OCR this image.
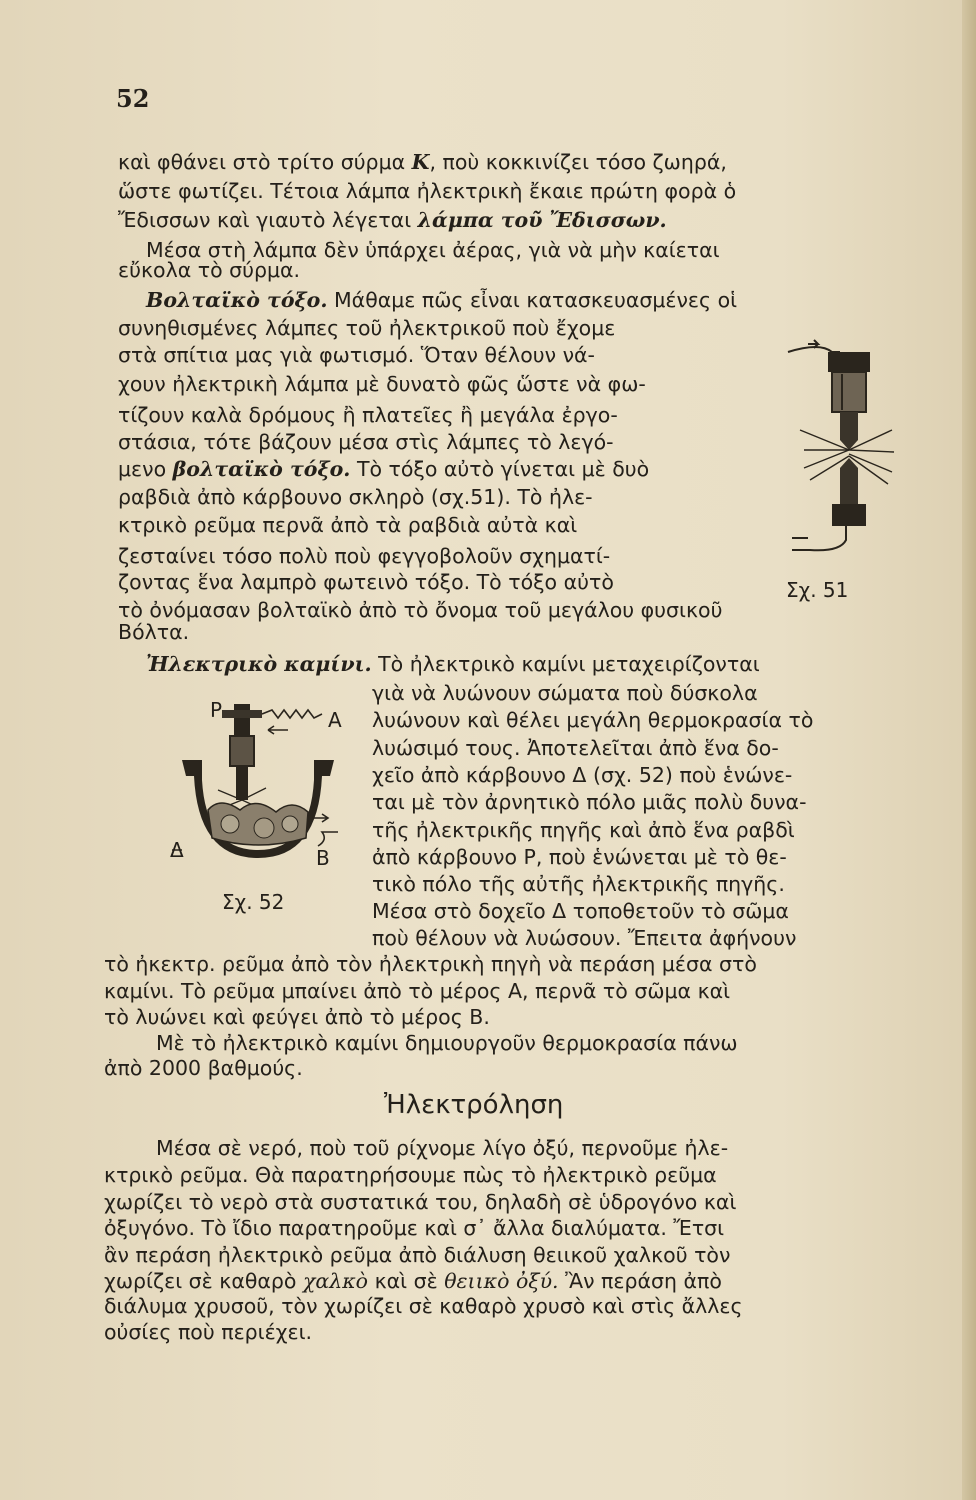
52
καὶ φθάνει στὸ τρίτο σύρμα Κ, ποὺ κοκκινίζει τόσο ζωηρά,
ὥστε φωτίζει. Τέτοια λάμπα ἠλεκτρικὴ ἔκαιε πρώτη φορὰ ὁ
Ἔδισσων καὶ γιαυτὸ λέγεται λάμπα τοῦ Ἔδισσων.
Μέσα στὴ λάμπα δὲν ὑπάρχει ἀέρας, γιὰ νὰ μὴν καίεται
εὔκολα τὸ σύρμα.
Βολταϊκὸ τόξο. Μάθαμε πῶς εἶναι κατασκευασμένες οἱ
συνηθισμένες λάμπες τοῦ ἠλεκτρικοῦ ποὺ ἔχομε
στὰ σπίτια μας γιὰ φωτισμό. Ὅταν θέλουν νά-
χουν ἠλεκτρικὴ λάμπα μὲ δυνατὸ φῶς ὥστε νὰ φω-
τίζουν καλὰ δρόμους ἢ πλατεῖες ἢ μεγάλα ἐργο-
στάσια, τότε βάζουν μέσα στὶς λάμπες τὸ λεγό-
μενο βολταϊκὸ τόξο. Τὸ τόξο αὐτὸ γίνεται μὲ δυὸ
ραβδιὰ ἀπὸ κάρβουνο σκληρὸ (σχ.51). Τὸ ἠλε-
κτρικὸ ρεῦμα περνᾶ ἀπὸ τὰ ραβδιὰ αὐτὰ καὶ
ζεσταίνει τόσο πολὺ ποὺ φεγγοβολοῦν σχηματί-
ζοντας ἕνα λαμπρὸ φωτεινὸ τόξο. Τὸ τόξο αὐτὸ
τὸ ὀνόμασαν βολταϊκὸ ἀπὸ τὸ ὄνομα τοῦ μεγάλου φυσικοῦ
Βόλτα.
Ἠλεκτρικὸ καμίνι. Τὸ ἠλεκτρικὸ καμίνι μεταχειρίζονται
γιὰ νὰ λυώνουν σώματα ποὺ δύσκολα
λυώνουν καὶ θέλει μεγάλη θερμοκρασία τὸ
λυώσιμό τους. Ἀποτελεῖται ἀπὸ ἕνα δο-
χεῖο ἀπὸ κάρβουνο Δ (σχ. 52) ποὺ ἑνώνε-
ται μὲ τὸν ἀρνητικὸ πόλο μιᾶς πολὺ δυνα-
τῆς ἠλεκτρικῆς πηγῆς καὶ ἀπὸ ἕνα ραβδὶ
ἀπὸ κάρβουνο Ρ, ποὺ ἑνώνεται μὲ τὸ θε-
τικὸ πόλο τῆς αὐτῆς ἠλεκτρικῆς πηγῆς.
Μέσα στὸ δοχεῖο Δ τοποθετοῦν τὸ σῶμα
ποὺ θέλουν νὰ λυώσουν. Ἔπειτα ἀφήνουν
τὸ ἠκεκτρ. ρεῦμα ἀπὸ τὸν ἠλεκτρικὴ πηγὴ νὰ περάση μέσα στὸ
καμίνι. Τὸ ρεῦμα μπαίνει ἀπὸ τὸ μέρος Α, περνᾶ τὸ σῶμα καὶ
τὸ λυώνει καὶ φεύγει ἀπὸ τὸ μέρος Β.
Μὲ τὸ ἠλεκτρικὸ καμίνι δημιουργοῦν θερμοκρασία πάνω
ἀπὸ 2000 βαθμούς.
Ἠλεκτρόληση
Μέσα σὲ νερό, ποὺ τοῦ ρίχνομε λίγο ὀξύ, περνοῦμε ἠλε-
κτρικὸ ρεῦμα. Θὰ παρατηρήσουμε πὼς τὸ ἠλεκτρικὸ ρεῦμα
χωρίζει τὸ νερὸ στὰ συστατικά του, δηλαδὴ σὲ ὑδρογόνο καὶ
ὀξυγόνο. Τὸ ἴδιο παρατηροῦμε καὶ σ᾽ ἄλλα διαλύματα. Ἔτσι
ἂν περάση ἠλεκτρικὸ ρεῦμα ἀπὸ διάλυση θειικοῦ χαλκοῦ τὸν
χωρίζει σὲ καθαρὸ χαλκὸ καὶ σὲ θειικὸ ὀξύ. Ἂν περάση ἀπὸ
διάλυμα χρυσοῦ, τὸν χωρίζει σὲ καθαρὸ χρυσὸ καὶ στὶς ἄλλες
οὐσίες ποὺ περιέχει.
Σχ. 51
Ρ	Α
Δ	Β
Σχ. 52
